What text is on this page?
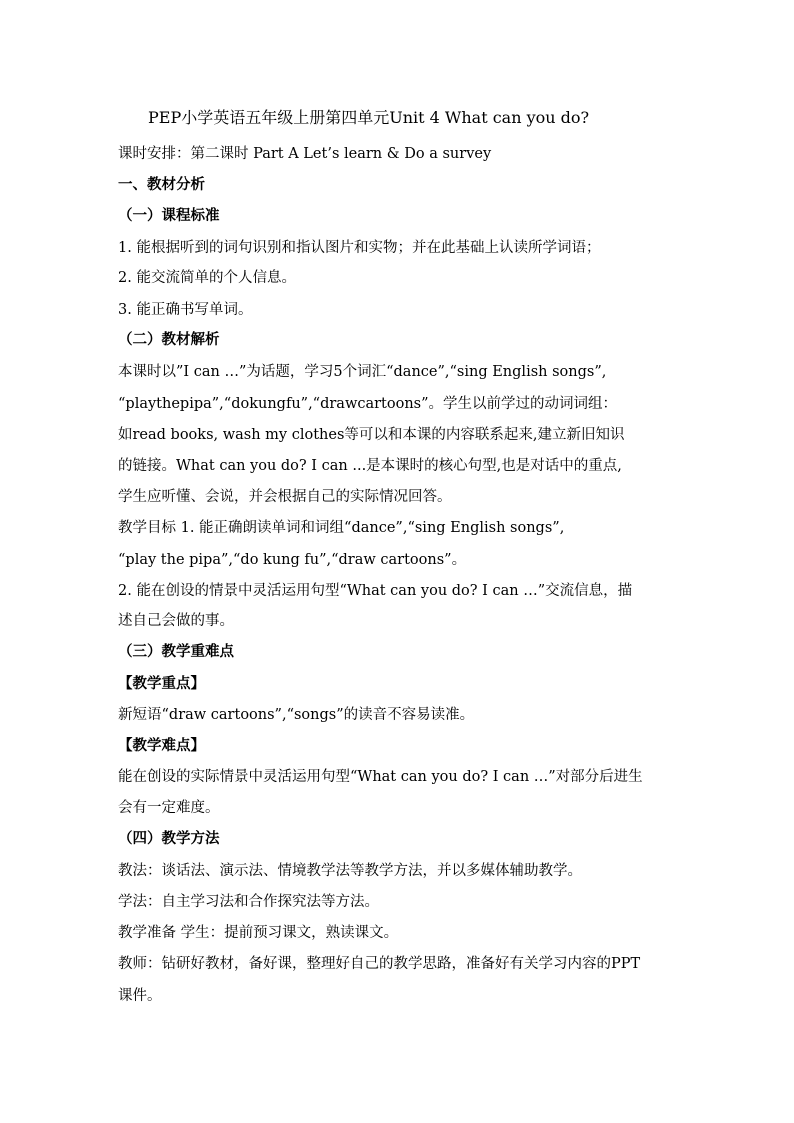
PEP小学英语五年级上册第四单元Unit 4 What can you do?
课时安排：第二课时 Part A Let’s learn & Do a survey
一、教材分析
（一）课程标准
1. 能根据听到的词句识别和指认图片和实物；并在此基础上认读所学词语；
2. 能交流简单的个人信息。
3. 能正确书写单词。
（二）教材解析
本课时以”I can …”为话题，学习5个词汇“dance”,“sing English songs”,
“playthepipa”,“dokungfu”,“drawcartoons”。学生以前学过的动词词组：
如read books, wash my clothes等可以和本课的内容联系起来,建立新旧知识
的链接。What can you do? I can ...是本课时的核心句型,也是对话中的重点,
学生应听懂、会说，并会根据自己的实际情况回答。
教学目标 1. 能正确朗读单词和词组“dance”,“sing English songs”,
“play the pipa”,“do kung fu”,“draw cartoons”。
2. 能在创设的情景中灵活运用句型“What can you do? I can …”交流信息，描
述自己会做的事。
（三）教学重难点
【教学重点】
新短语“draw cartoons”,“songs”的读音不容易读准。
【教学难点】
能在创设的实际情景中灵活运用句型“What can you do? I can …”对部分后进生
会有一定难度。
（四）教学方法
教法：谈话法、演示法、情境教学法等教学方法，并以多媒体辅助教学。
学法：自主学习法和合作探究法等方法。
教学准备 学生：提前预习课文，熟读课文。
教师：钻研好教材，备好课，整理好自己的教学思路，准备好有关学习内容的PPT
课件。
